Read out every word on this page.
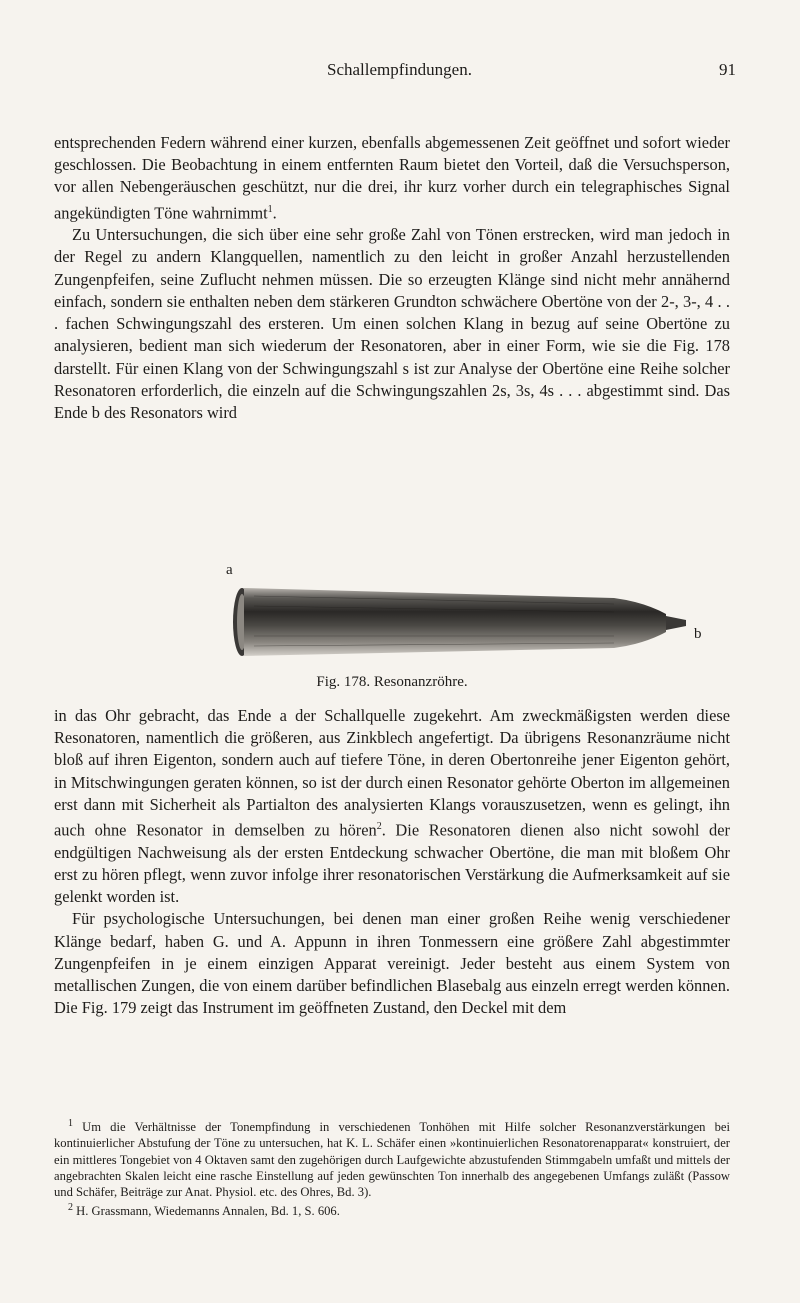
Schallempfindungen.	91

entsprechenden Federn während einer kurzen, ebenfalls abgemessenen Zeit geöffnet und sofort wieder geschlossen. Die Beobachtung in einem entfernten Raum bietet den Vorteil, daß die Versuchsperson, vor allen Nebengeräuschen geschützt, nur die drei, ihr kurz vorher durch ein telegraphisches Signal angekündigten Töne wahrnimmt$^1$.

Zu Untersuchungen, die sich über eine sehr große Zahl von Tönen erstrecken, wird man jedoch in der Regel zu andern Klangquellen, namentlich zu den leicht in großer Anzahl herzustellenden Zungenpfeifen, seine Zuflucht nehmen müssen. Die so erzeugten Klänge sind nicht mehr annähernd einfach, sondern sie enthalten neben dem stärkeren Grundton schwächere Obertöne von der 2-, 3-, 4 . . . fachen Schwingungszahl des ersteren. Um einen solchen Klang in bezug auf seine Obertöne zu analysieren, bedient man sich wiederum der Resonatoren, aber in einer Form, wie sie die Fig. 178 darstellt. Für einen Klang von der Schwingungszahl s ist zur Analyse der Obertöne eine Reihe solcher Resonatoren erforderlich, die einzeln auf die Schwingungszahlen 2s, 3s, 4s . . . abgestimmt sind. Das Ende b des Resonators wird

a
b
Fig. 178. Resonanzröhre.

in das Ohr gebracht, das Ende a der Schallquelle zugekehrt. Am zweckmäßigsten werden diese Resonatoren, namentlich die größeren, aus Zinkblech angefertigt. Da übrigens Resonanzräume nicht bloß auf ihren Eigenton, sondern auch auf tiefere Töne, in deren Obertonreihe jener Eigenton gehört, in Mitschwingungen geraten können, so ist der durch einen Resonator gehörte Oberton im allgemeinen erst dann mit Sicherheit als Partialton des analysierten Klangs vorauszusetzen, wenn es gelingt, ihn auch ohne Resonator in demselben zu hören$^2$. Die Resonatoren dienen also nicht sowohl der endgültigen Nachweisung als der ersten Entdeckung schwacher Obertöne, die man mit bloßem Ohr erst zu hören pflegt, wenn zuvor infolge ihrer resonatorischen Verstärkung die Aufmerksamkeit auf sie gelenkt worden ist.

Für psychologische Untersuchungen, bei denen man einer großen Reihe wenig verschiedener Klänge bedarf, haben G. und A. Appunn in ihren Tonmessern eine größere Zahl abgestimmter Zungenpfeifen in je einem einzigen Apparat vereinigt. Jeder besteht aus einem System von metallischen Zungen, die von einem darüber befindlichen Blasebalg aus einzeln erregt werden können. Die Fig. 179 zeigt das Instrument im geöffneten Zustand, den Deckel mit dem

$^1$ Um die Verhältnisse der Tonempfindung in verschiedenen Tonhöhen mit Hilfe solcher Resonanzverstärkungen bei kontinuierlicher Abstufung der Töne zu untersuchen, hat K. L. Schäfer einen »kontinuierlichen Resonatorenapparat« konstruiert, der ein mittleres Tongebiet von 4 Oktaven samt den zugehörigen durch Laufgewichte abzustufenden Stimmgabeln umfaßt und mittels der angebrachten Skalen leicht eine rasche Einstellung auf jeden gewünschten Ton innerhalb des angegebenen Umfangs zuläßt (Passow und Schäfer, Beiträge zur Anat. Physiol. etc. des Ohres, Bd. 3).

$^2$ H. Grassmann, Wiedemanns Annalen, Bd. 1, S. 606.
